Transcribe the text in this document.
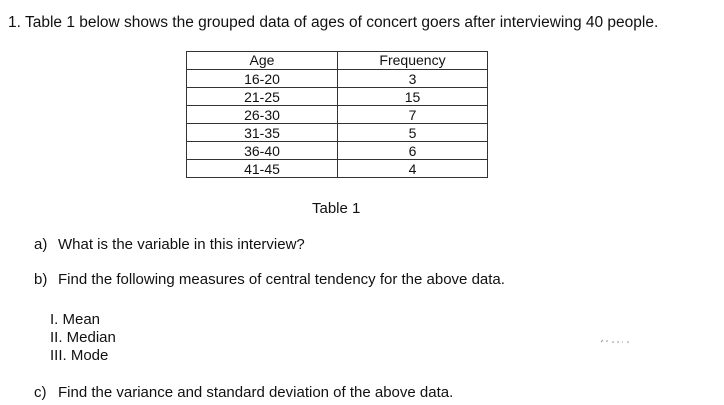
1. Table 1 below shows the grouped data of ages of concert goers after interviewing 40 people.
Age	Frequency
16-20	3
21-25	15
26-30	7
31-35	5
36-40	6
41-45	4
Table 1
a) What is the variable in this interview?
b) Find the following measures of central tendency for the above data.
I. Mean
II. Median
III. Mode
c) Find the variance and standard deviation of the above data.
